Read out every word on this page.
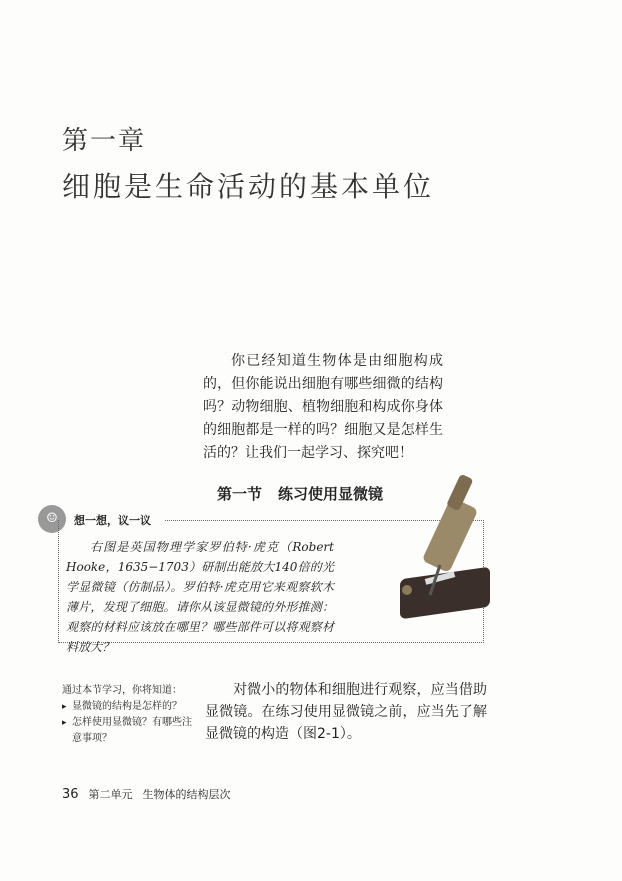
第一章
细胞是生命活动的基本单位
你已经知道生物体是由细胞构成的，但你能说出细胞有哪些细微的结构吗？动物细胞、植物细胞和构成你身体的细胞都是一样的吗？细胞又是怎样生活的？让我们一起学习、探究吧！
第一节 练习使用显微镜
☺	想一想，议一议
右图是英国物理学家罗伯特·虎克（Robert Hooke，1635−1703）研制出能放大140倍的光学显微镜（仿制品）。罗伯特·虎克用它来观察软木薄片，发现了细胞。请你从该显微镜的外形推测：观察的材料应该放在哪里？哪些部件可以将观察材料放大？
通过本节学习，你将知道：
▸ 显微镜的结构是怎样的？
▸ 怎样使用显微镜？有哪些注意事项？
对微小的物体和细胞进行观察，应当借助显微镜。在练习使用显微镜之前，应当先了解显微镜的构造（图2-1）。
36 第二单元 生物体的结构层次
